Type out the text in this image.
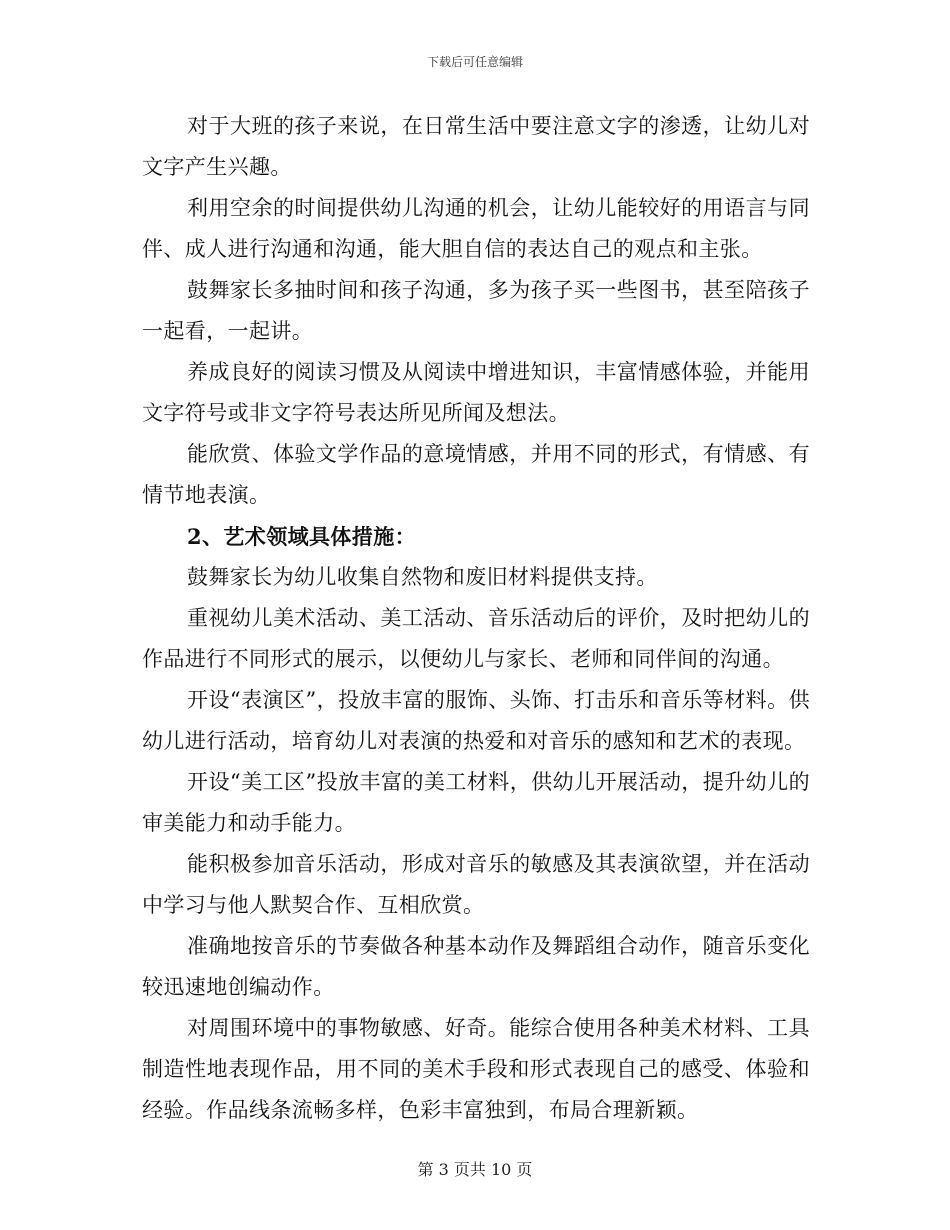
下载后可任意编辑

对于大班的孩子来说，在日常生活中要注意文字的渗透，让幼儿对文字产生兴趣。

利用空余的时间提供幼儿沟通的机会，让幼儿能较好的用语言与同伴、成人进行沟通和沟通，能大胆自信的表达自己的观点和主张。

鼓舞家长多抽时间和孩子沟通，多为孩子买一些图书，甚至陪孩子一起看，一起讲。

养成良好的阅读习惯及从阅读中增进知识，丰富情感体验，并能用文字符号或非文字符号表达所见所闻及想法。

能欣赏、体验文学作品的意境情感，并用不同的形式，有情感、有情节地表演。

2、艺术领域具体措施：

鼓舞家长为幼儿收集自然物和废旧材料提供支持。

重视幼儿美术活动、美工活动、音乐活动后的评价，及时把幼儿的作品进行不同形式的展示，以便幼儿与家长、老师和同伴间的沟通。

开设“表演区”，投放丰富的服饰、头饰、打击乐和音乐等材料。供幼儿进行活动，培育幼儿对表演的热爱和对音乐的感知和艺术的表现。

开设“美工区”投放丰富的美工材料，供幼儿开展活动，提升幼儿的审美能力和动手能力。

能积极参加音乐活动，形成对音乐的敏感及其表演欲望，并在活动中学习与他人默契合作、互相欣赏。

准确地按音乐的节奏做各种基本动作及舞蹈组合动作，随音乐变化较迅速地创编动作。

对周围环境中的事物敏感、好奇。能综合使用各种美术材料、工具制造性地表现作品，用不同的美术手段和形式表现自己的感受、体验和经验。作品线条流畅多样，色彩丰富独到，布局合理新颖。

第 3 页共 10 页
